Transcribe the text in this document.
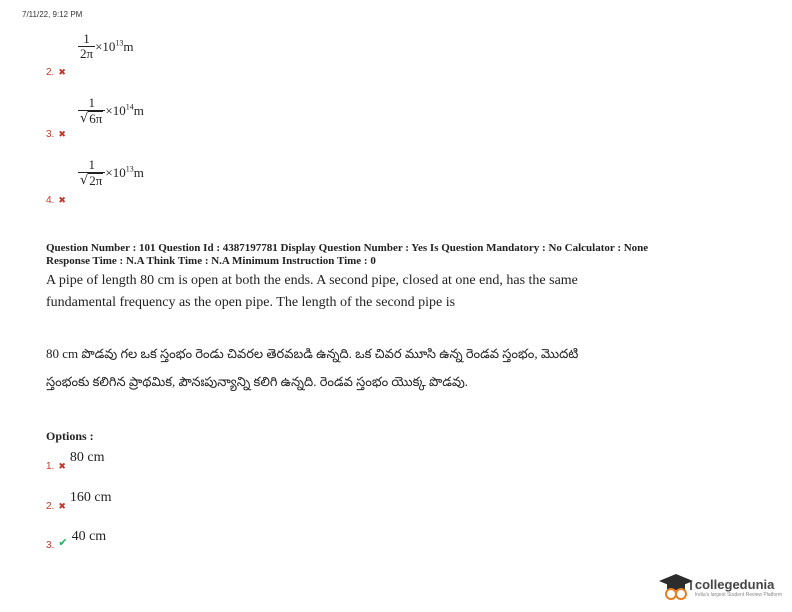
7/11/22, 9:12 PM
$\frac{1}{2\pi} \times 10^{13}m$
2. ✖
$\frac{1}{√ 6\pi} \times 10^{14}m$
3. ✖
$\frac{1}{√ 2\pi} \times 10^{13}m$
4. ✖
Question Number : 101 Question Id : 4387197781 Display Question Number : Yes Is Question Mandatory : No Calculator : None
Response Time : N.A Think Time : N.A Minimum Instruction Time : 0
A pipe of length 80 cm is open at both the ends. A second pipe, closed at one end, has the same fundamental frequency as the open pipe. The length of the second pipe is
80 cm పొడవు గల ఒక స్తంభం రెండు చివరల తెరవబడి ఉన్నది. ఒక చివర మూసి ఉన్న రెండవ స్తంభం, మొదటి స్తంభంకు కలిగిన ప్రాథమిక, పౌనఃపున్యాన్ని కలిగి ఉన్నది. రెండవ స్తంభం యొక్క పొడవు.
Options :
$_{1.}$ $_✖$ 80 cm
$_{2.}$ $_✖$ 160 cm
$_{3.}$ $_✔$ 40 cm
collegedunia
India's largest Student Review Platform
